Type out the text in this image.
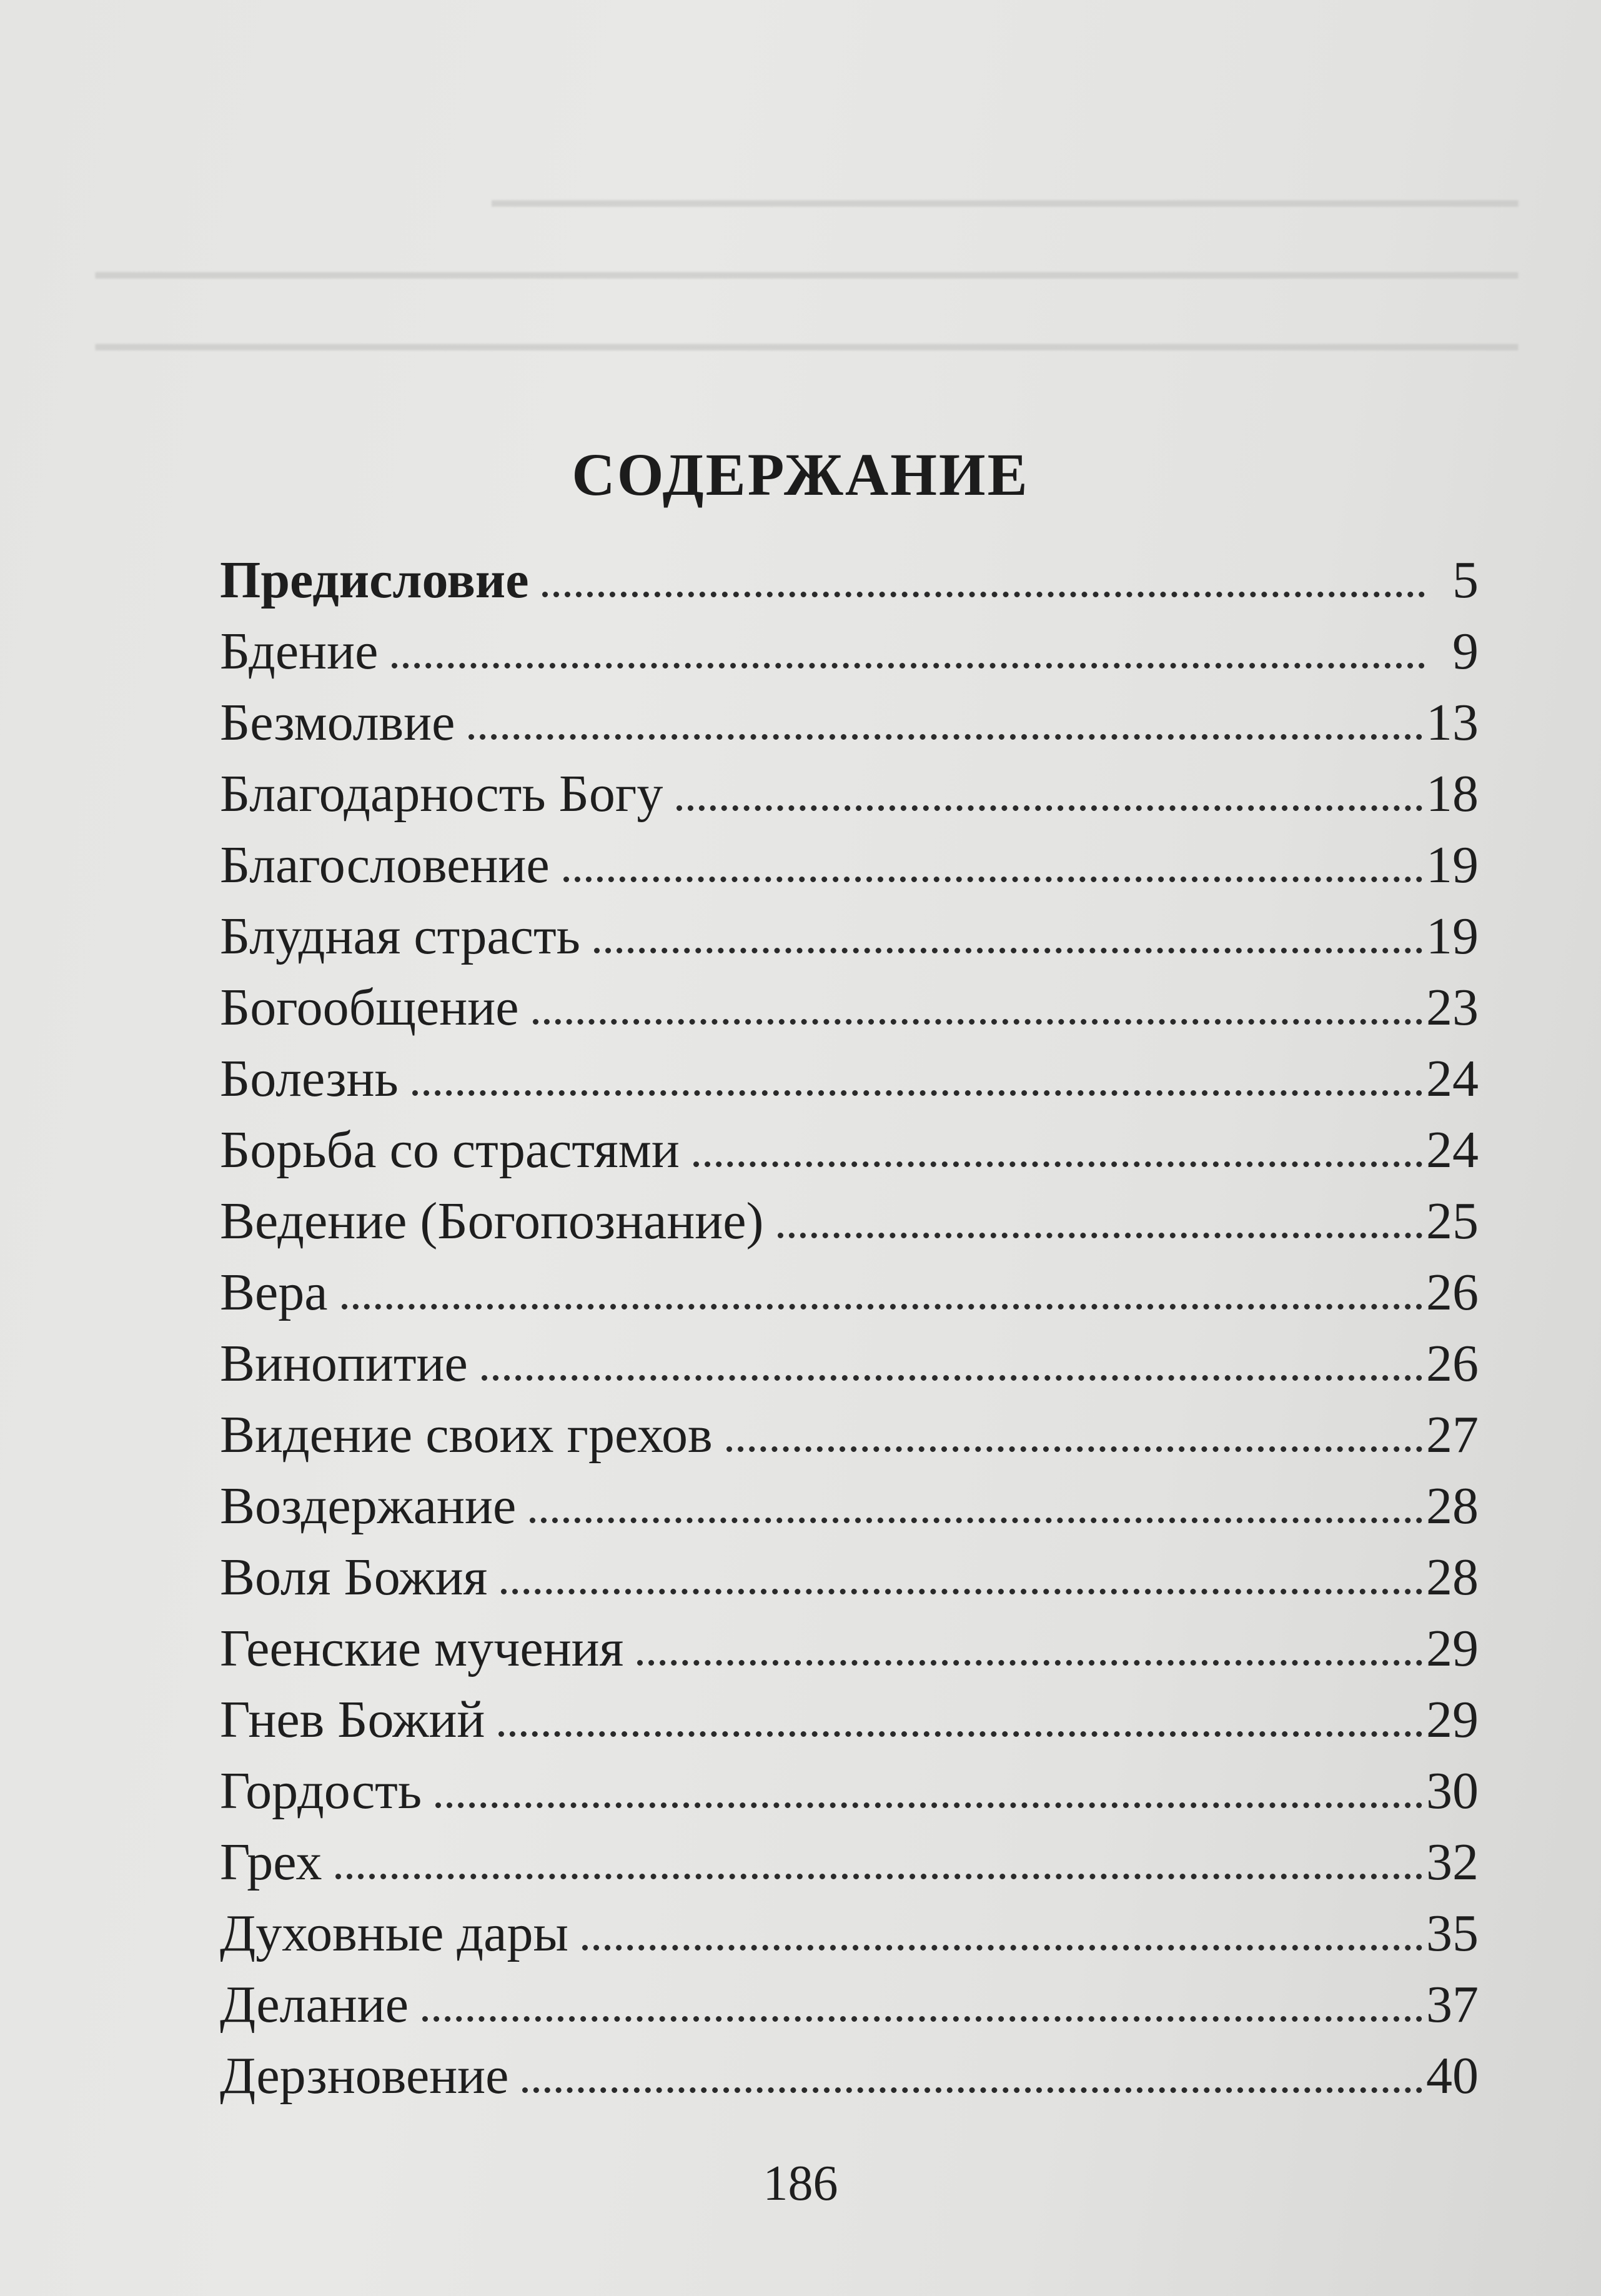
━━━━━━━━━━━━━━━━━━━━━━━━━━━━━━━━━━━━━━━━━━━━
━━━━━━━━━━━━━━━━━━━━━━━━━━━━━━━━━━━━━━━━━━━━━━━━━━━━━━━━━━━━━
━━━━━━━━━━━━━━━━━━━━━━━━━━━━━━━━━━━━━━━━━━━━━━━━━━━━━━━━━━━━━
СОДЕРЖАНИЕ
Предисловие	5
Бдение	9
Безмолвие	13
Благодарность Богу	18
Благословение	19
Блудная страсть	19
Богообщение	23
Болезнь	24
Борьба со страстями	24
Ведение (Богопознание)	25
Вера	26
Винопитие	26
Видение своих грехов	27
Воздержание	28
Воля Божия	28
Геенские мучения	29
Гнев Божий	29
Гордость	30
Грех	32
Духовные дары	35
Делание	37
Дерзновение	40
186
